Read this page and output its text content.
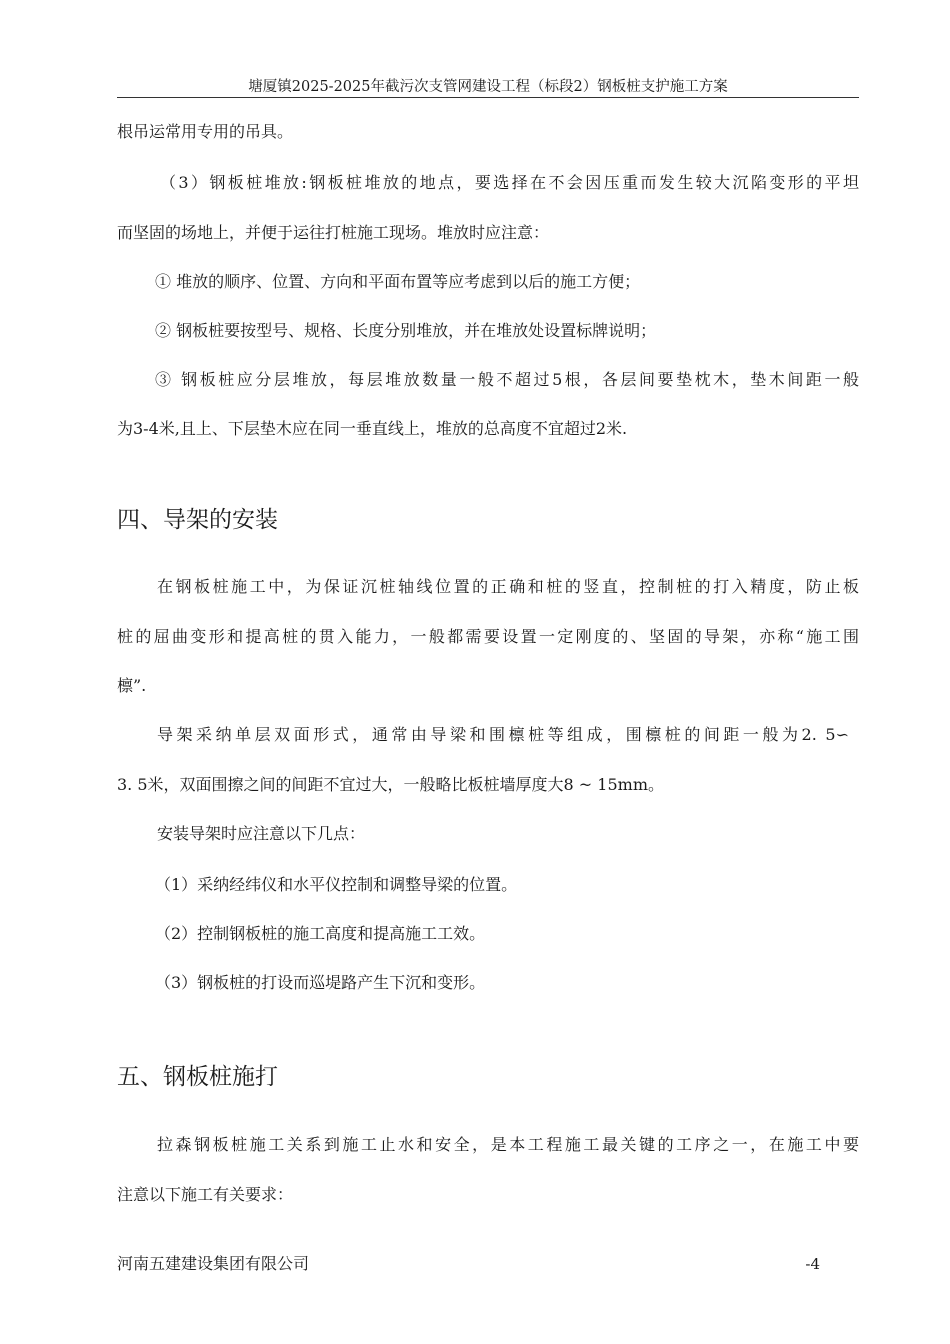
塘厦镇2025-2025年截污次支管网建设工程（标段2）钢板桩支护施工方案
根吊运常用专用的吊具。
（3）钢板桩堆放:钢板桩堆放的地点，要选择在不会因压重而发生较大沉陷变形的平坦
而坚固的场地上，并便于运往打桩施工现场。堆放时应注意：
① 堆放的顺序、位置、方向和平面布置等应考虑到以后的施工方便；
② 钢板桩要按型号、规格、长度分别堆放，并在堆放处设置标牌说明；
③ 钢板桩应分层堆放，每层堆放数量一般不超过5根，各层间要垫枕木，垫木间距一般
为3-4米,且上、下层垫木应在同一垂直线上，堆放的总高度不宜超过2米.
四、导架的安装
在钢板桩施工中，为保证沉桩轴线位置的正确和桩的竖直，控制桩的打入精度，防止板
桩的屈曲变形和提高桩的贯入能力，一般都需要设置一定刚度的、坚固的导架，亦称“施工围
檩”.
导架采纳单层双面形式，通常由导梁和围檩桩等组成，围檩桩的间距一般为2. 5∽
3. 5米，双面围擦之间的间距不宜过大，一般略比板桩墙厚度大8 ~ 15mm。
安装导架时应注意以下几点：
（1）采纳经纬仪和水平仪控制和调整导梁的位置。
（2）控制钢板桩的施工高度和提高施工工效。
（3）钢板桩的打设而巡堤路产生下沉和变形。
五、钢板桩施打
拉森钢板桩施工关系到施工止水和安全，是本工程施工最关键的工序之一，在施工中要
注意以下施工有关要求：
河南五建建设集团有限公司	-4
